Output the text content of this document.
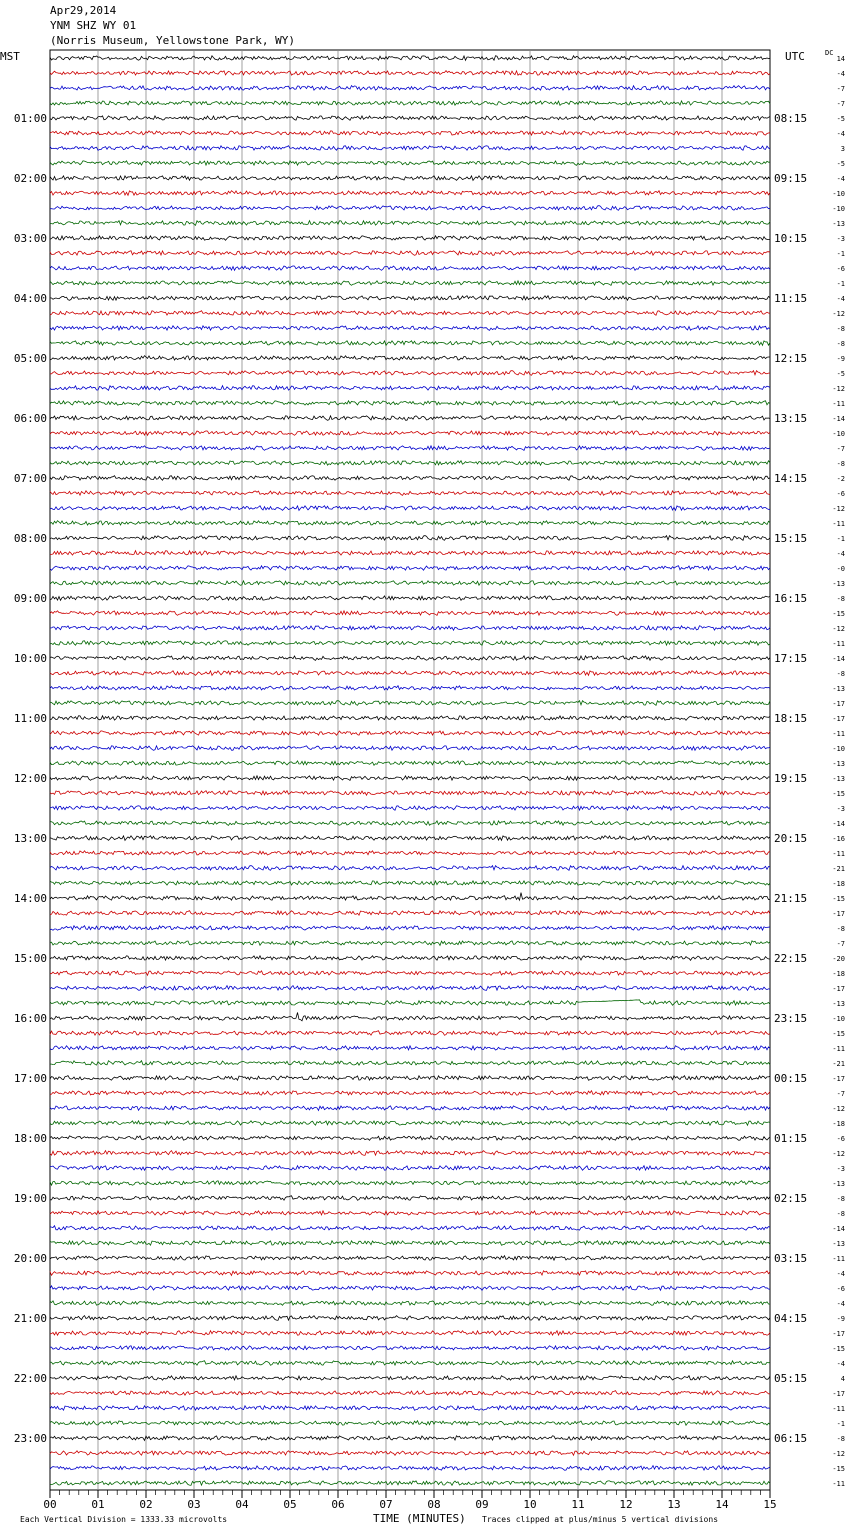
Apr29,2014
YNM SHZ WY 01
(Norris Museum, Yellowstone Park, WY)
MST	UTC	14
-4
-7
-7
-5
-4
3
-5
-4
-10
-10
-13
-3
-1
-6
-1
-4
-12
-8
-8
-9
-5
-12
-11
-14
-10
-7
-8
-2
-6
-12
-11
-1
-4
-0
-13
-8
-15
-12
-11
-14
-8
-13
-17
-17
-11
-10
-13
-13
-15
-3
-14
-16
-11
-21
-18
-15
-17
-8
-7
-20
-18
-17
-13
-10
-15
-11
-21
-17
-7
-12
-18
-6
-12
-3
-13
-8
-8
-14
-13
-11
-4
-6
-4
-9
-17
-15
-4
4
-17
-11
-1
-8
-12
-15
-11
DC
01:00	08:15
02:00	09:15
03:00	10:15
04:00	11:15
05:00	12:15
06:00	13:15
07:00	14:15
08:00	15:15
09:00	16:15
10:00	17:15
11:00	18:15
12:00	19:15
13:00	20:15
14:00	21:15
15:00	22:15
16:00	23:15
17:00	00:15
18:00	01:15
19:00	02:15
20:00	03:15
21:00	04:15
22:00	05:15
23:00	06:15
00	01	02	03	04	05	06	07	08	09	10	11	12	13	14	15
Each Vertical Division = 1333.33 microvolts	TIME (MINUTES) Traces clipped at plus/minus 5 vertical divisions
